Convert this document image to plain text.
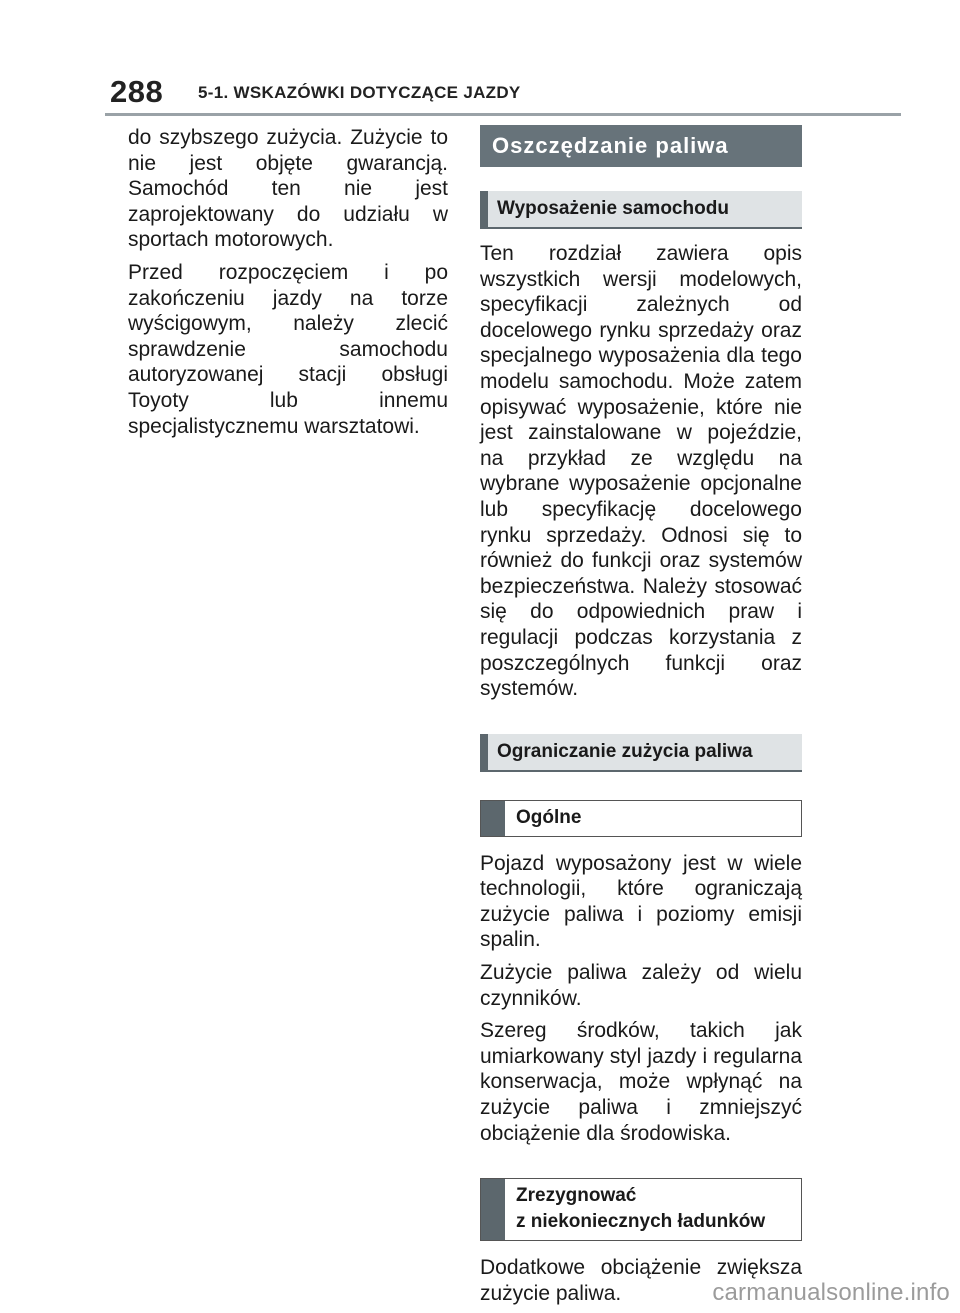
288 5-1. WSKAZÓWKI DOTYCZĄCE JAZDY

do szybszego zużycia. Zużycie to nie jest objęte gwarancją. Samochód ten nie jest zaprojektowany do udziału w sportach motorowych.

Przed rozpoczęciem i po zakończeniu jazdy na torze wyścigowym, należy zlecić sprawdzenie samochodu autoryzowanej stacji obsługi Toyoty lub innemu specjalistycznemu warsztatowi.

Oszczędzanie paliwa
Wyposażenie samochodu

Ten rozdział zawiera opis wszystkich wersji modelowych, specyfikacji zależnych od docelowego rynku sprzedaży oraz specjalnego wyposażenia dla tego modelu samochodu. Może zatem opisywać wyposażenie, które nie jest zainstalowane w pojeździe, na przykład ze względu na wybrane wyposażenie opcjonalne lub specyfikację docelowego rynku sprzedaży. Odnosi się to również do funkcji oraz systemów bezpieczeństwa. Należy stosować się do odpowiednich praw i regulacji podczas korzystania z poszczególnych funkcji oraz systemów.

Ograniczanie zużycia paliwa
Ogólne

Pojazd wyposażony jest w wiele technologii, które ograniczają zużycie paliwa i poziomy emisji spalin.

Zużycie paliwa zależy od wielu czynników.

Szereg środków, takich jak umiarkowany styl jazdy i regularna konserwacja, może wpłynąć na zużycie paliwa i zmniejszyć obciążenie dla środowiska.

Zrezygnować
z niekoniecznych ładunków

Dodatkowe obciążenie zwiększa zużycie paliwa.	carmanualsonline.info
